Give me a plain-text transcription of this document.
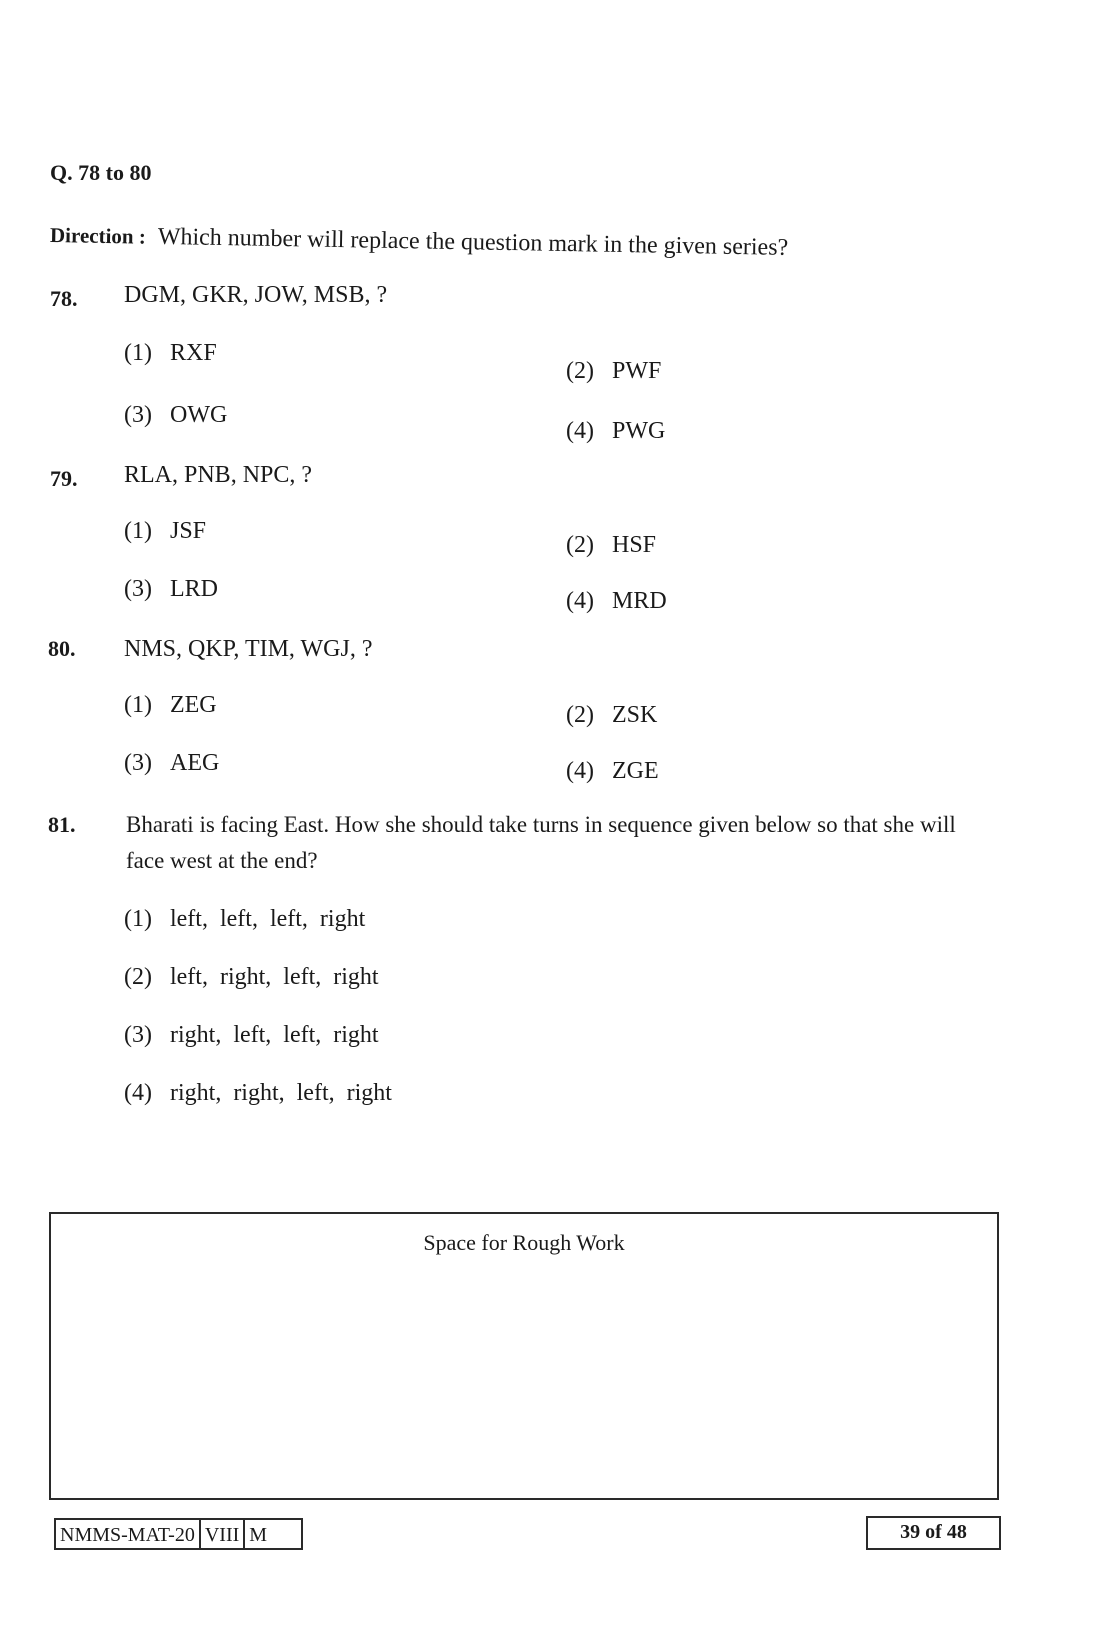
Q. 78 to 80
Direction : Which number will replace the question mark in the given series?
78. DGM, GKR, JOW, MSB, ?
(1) RXF
(2) PWF
(3) OWG
(4) PWG
79. RLA, PNB, NPC, ?
(1) JSF
(2) HSF
(3) LRD	(4) MRD
80. NMS, QKP, TIM, WGJ, ?
(1) ZEG	(2) ZSK
(3) AEG	(4) ZGE
81. Bharati is facing East. How she should take turns in sequence given below so that she will
face west at the end?
(1) left,  left,  left,  right
(2) left,  right,  left,  right
(3) right,  left,  left,  right
(4) right,  right,  left,  right
Space for Rough Work
NMMS-MAT-20 VIII M	39 of 48
